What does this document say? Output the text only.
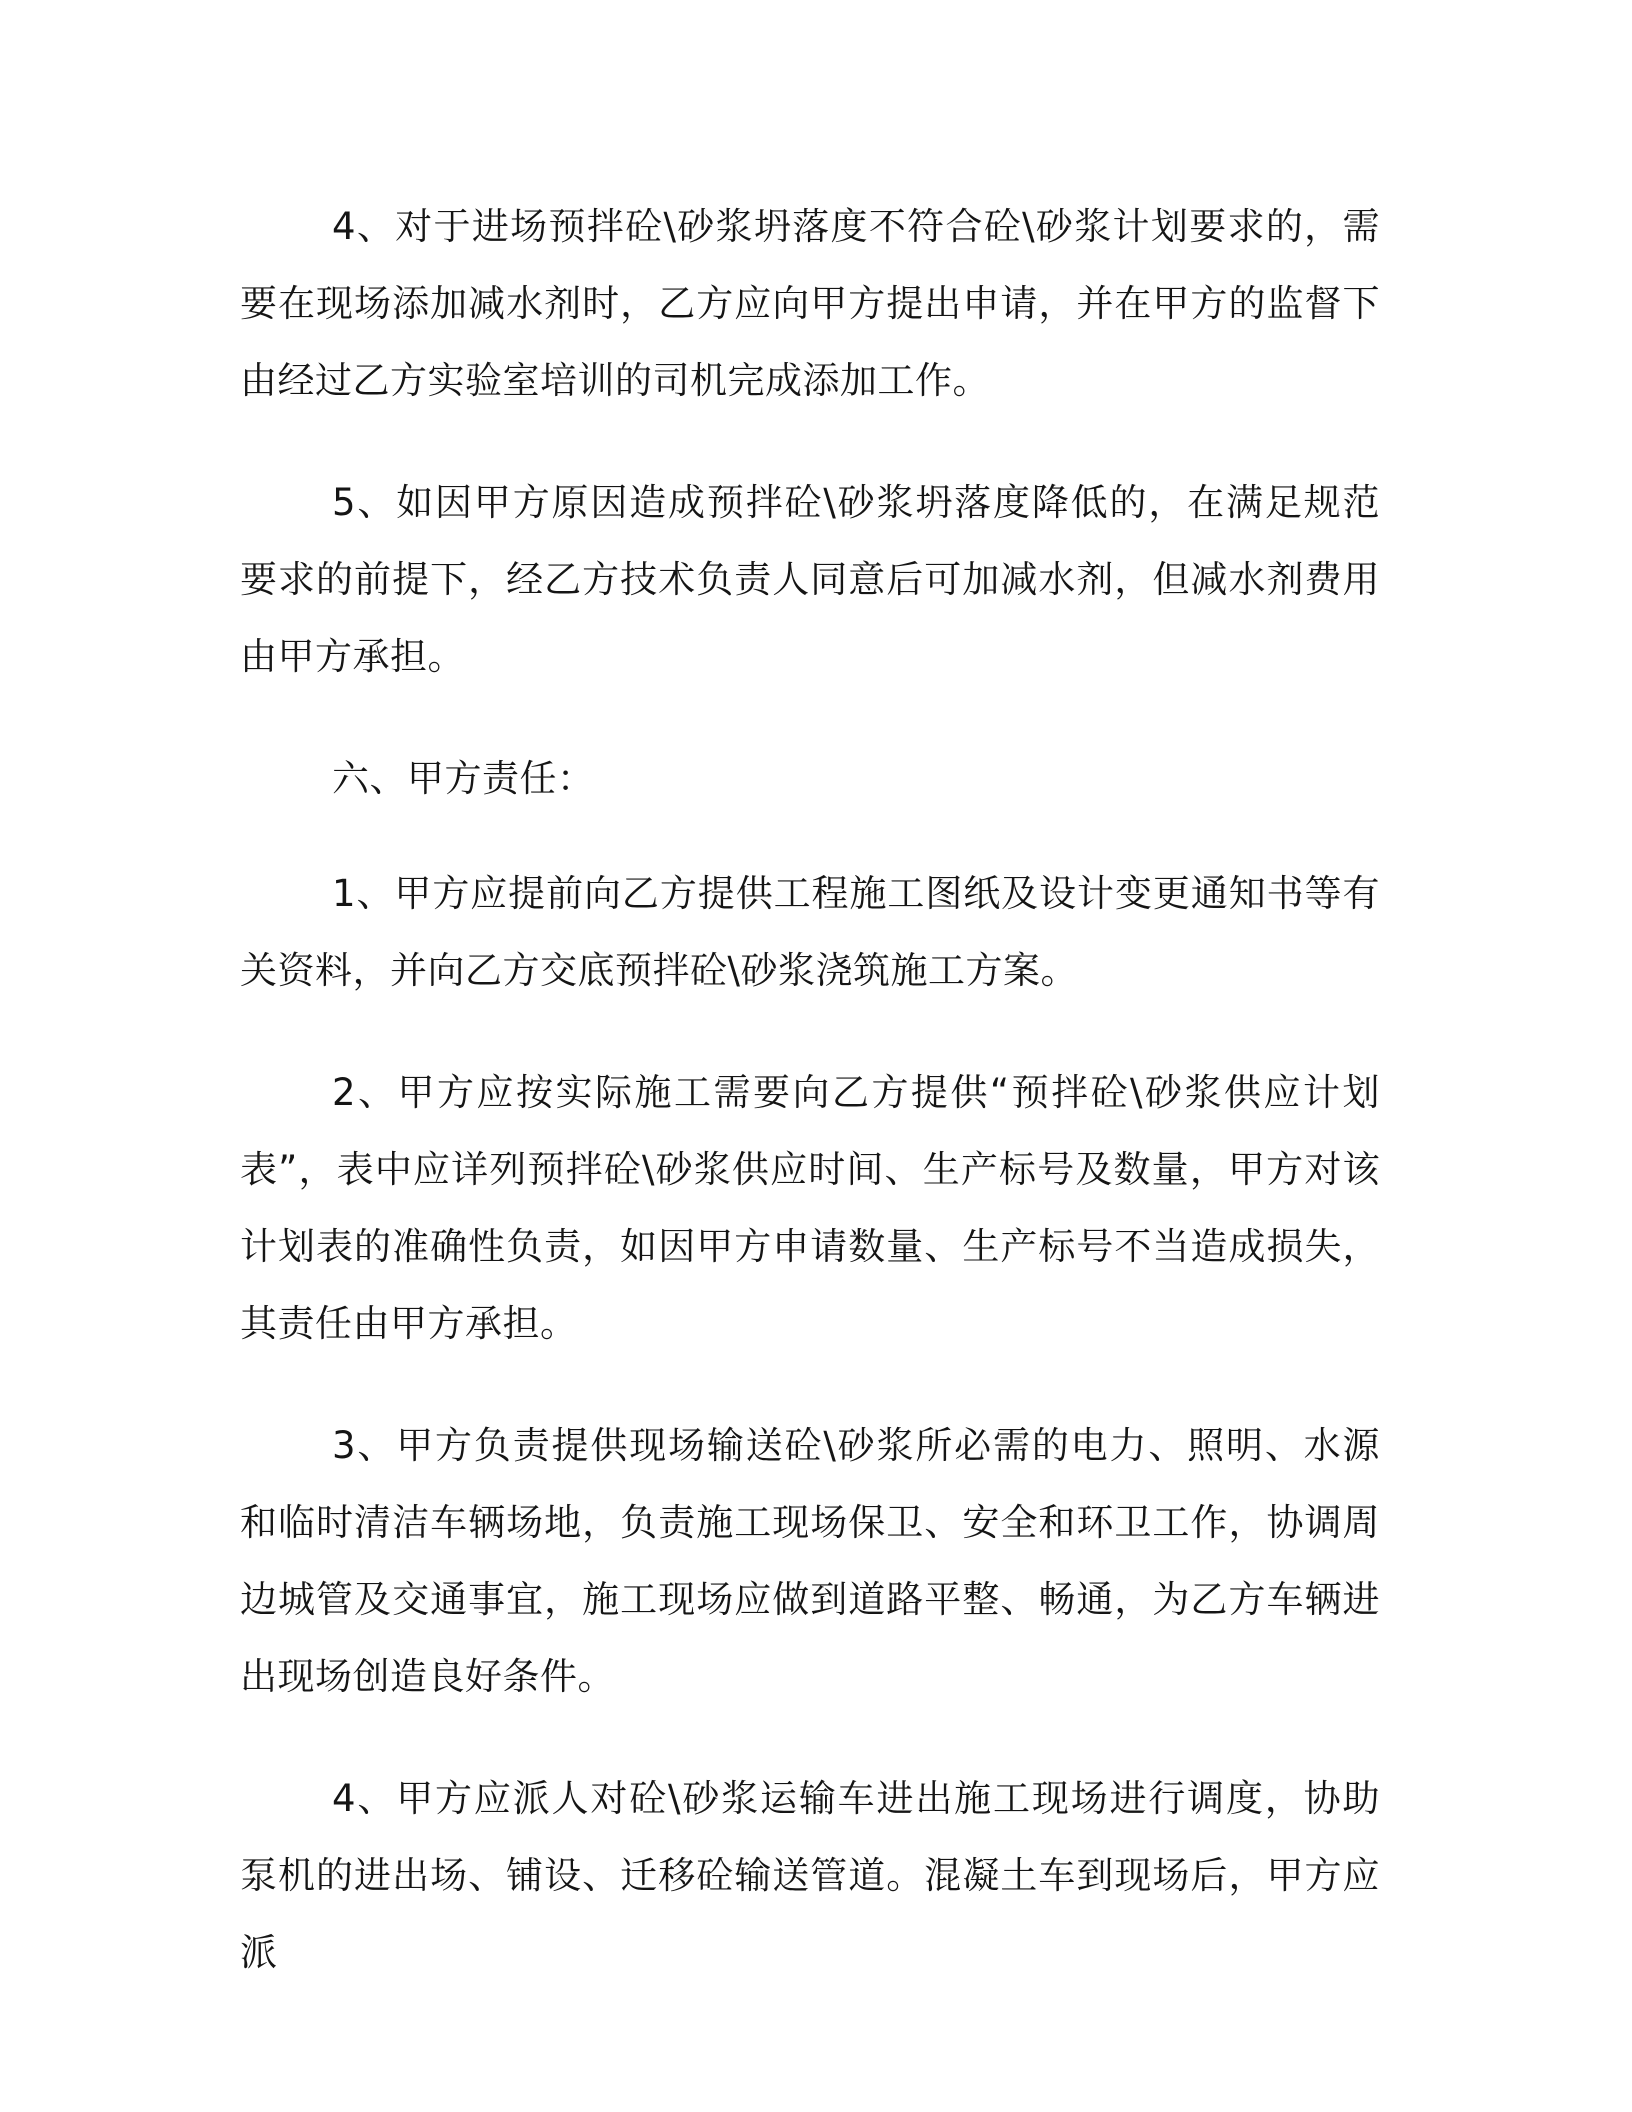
4、对于进场预拌砼\砂浆坍落度不符合砼\砂浆计划要求的，需要在现场添加减水剂时，乙方应向甲方提出申请，并在甲方的监督下由经过乙方实验室培训的司机完成添加工作。

5、如因甲方原因造成预拌砼\砂浆坍落度降低的，在满足规范要求的前提下，经乙方技术负责人同意后可加减水剂，但减水剂费用由甲方承担。

六、甲方责任：

1、甲方应提前向乙方提供工程施工图纸及设计变更通知书等有关资料，并向乙方交底预拌砼\砂浆浇筑施工方案。

2、甲方应按实际施工需要向乙方提供“预拌砼\砂浆供应计划表”，表中应详列预拌砼\砂浆供应时间、生产标号及数量，甲方对该计划表的准确性负责，如因甲方申请数量、生产标号不当造成损失，其责任由甲方承担。

3、甲方负责提供现场输送砼\砂浆所必需的电力、照明、水源和临时清洁车辆场地，负责施工现场保卫、安全和环卫工作，协调周边城管及交通事宜，施工现场应做到道路平整、畅通，为乙方车辆进出现场创造良好条件。

4、甲方应派人对砼\砂浆运输车进出施工现场进行调度，协助泵机的进出场、铺设、迁移砼输送管道。混凝土车到现场后，甲方应派
